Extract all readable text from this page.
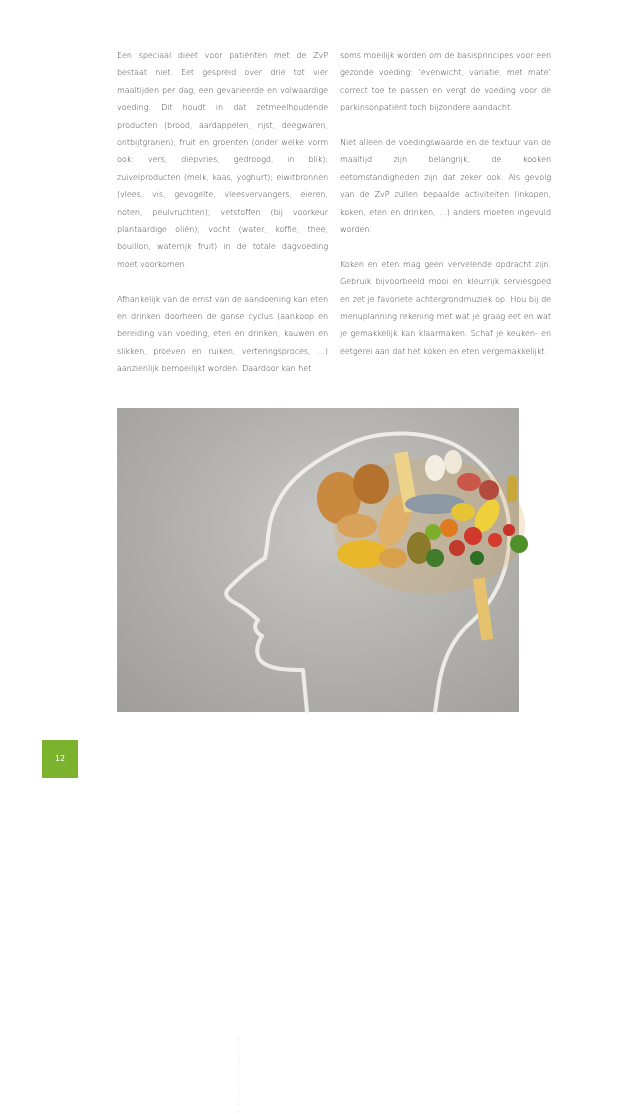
Een speciaal dieet voor patiënten met de ZvP bestaat niet. Eet gespreid over drie tot vier maaltijden per dag, een gevarieerde en volwaardige voeding. Dit houdt in dat zetmeelhoudende producten (brood, aardappelen, rijst, deegwaren, ontbijtgranen); fruit en groenten (onder welke vorm ook: vers, diepvries, gedroogd, in blik); zuivelproducten (melk, kaas, yoghurt); eiwitbronnen (vlees, vis, gevogelte, vleesvervangers, eieren, noten, peulvruchten); vetstoffen (bij voorkeur plantaardige oliën); vocht (water, koffie, thee, bouillon, waterrijk fruit) in de totale dagvoeding moet voorkomen.

Afhankelijk van de ernst van de aandoening kan eten en drinken doorheen de ganse cyclus (aankoop en bereiding van voeding, eten en drinken, kauwen en slikken, proeven en ruiken, verteringsproces, …) aanzienlijk bemoeilijkt worden. Daardoor kan het

soms moeilijk worden om de basisprincipes voor een gezonde voeding: ‘evenwicht, variatie, met mate’ correct toe te passen en vergt de voeding voor de parkinsonpatiënt toch bijzondere aandacht.

Niet alleen de voedingswaarde en de textuur van de maaltijd zijn belangrijk, de kooken eetomstandigheden zijn dat zeker ook. Als gevolg van de ZvP zullen bepaalde activiteiten (inkopen, koken, eten en drinken, …) anders moeten ingevuld worden.

Koken en eten mag geen vervelende opdracht zijn. Gebruik bijvoorbeeld mooi en kleurrijk serviesgoed en zet je favoriete achtergrondmuziek op. Hou bij de menuplanning rekening met wat je graag eet en wat je gemakkelijk kan klaarmaken. Schaf je keuken- en eetgerei aan dat het koken en eten vergemakkelijkt.

© Tijana/Shutterstock.com
12
